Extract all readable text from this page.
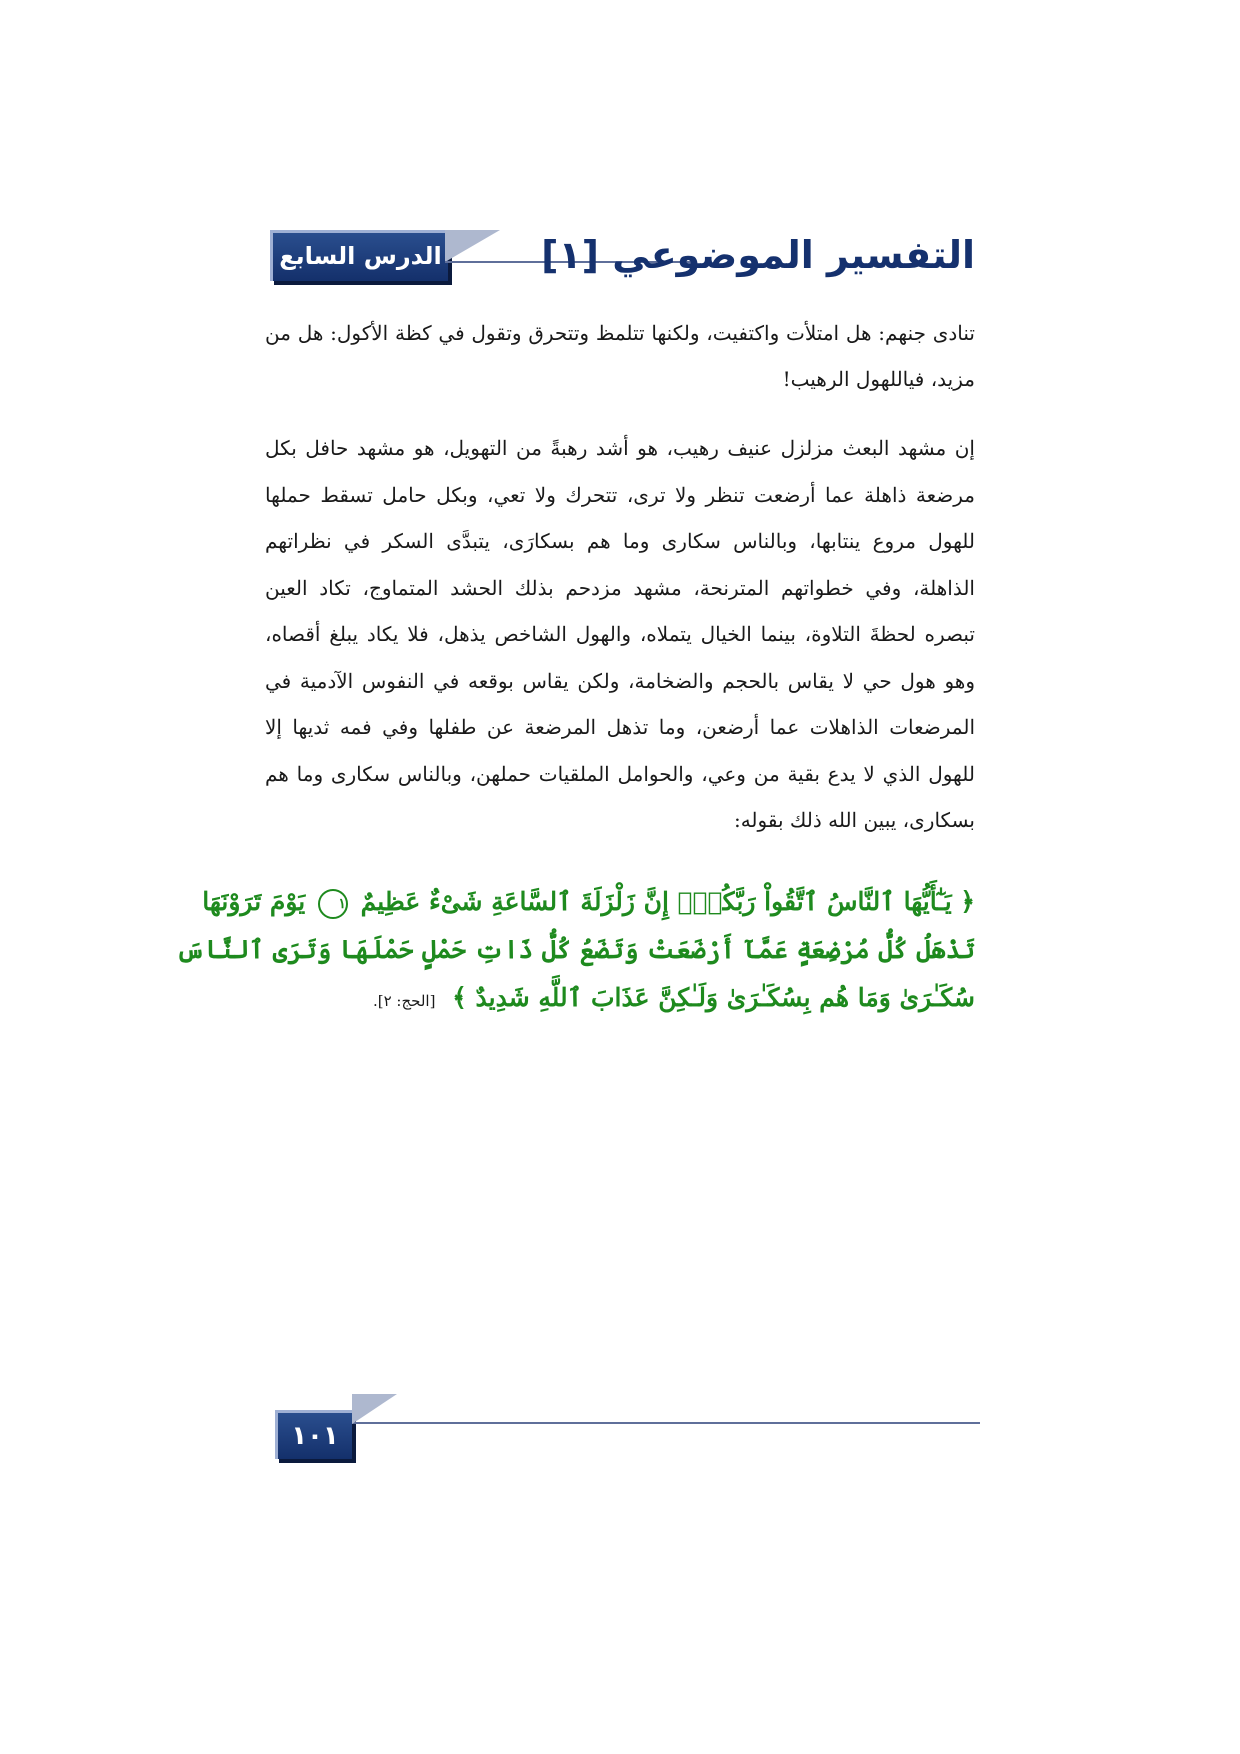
الدرس السابع	التفسير الموضوعي [١]
تنادى جنهم: هل امتلأت واكتفيت، ولكنها تتلمظ وتتحرق وتقول في كظة الأكول: هل من مزيد، فياللهول الرهيب!
إن مشهد البعث مزلزل عنيف رهيب، هو أشد رهبةً من التهويل، هو مشهد حافل بكل مرضعة ذاهلة عما أرضعت تنظر ولا ترى، تتحرك ولا تعي، وبكل حامل تسقط حملها للهول مروع ينتابها، وبالناس سكارى وما هم بسكارَى، يتبدَّى السكر في نظراتهم الذاهلة، وفي خطواتهم المترنحة، مشهد مزدحم بذلك الحشد المتماوج، تكاد العين تبصره لحظةَ التلاوة، بينما الخيال يتملاه، والهول الشاخص يذهل، فلا يكاد يبلغ أقصاه، وهو هول حي لا يقاس بالحجم والضخامة، ولكن يقاس بوقعه في النفوس الآدمية في المرضعات الذاهلات عما أرضعن، وما تذهل المرضعة عن طفلها وفي فمه ثديها إلا للهول الذي لا يدع بقية من وعي، والحوامل الملقيات حملهن، وبالناس سكارى وما هم بسكارى، يبين الله ذلك بقوله:
﴿ يَـٰٓأَيُّهَا ٱلنَّاسُ ٱتَّقُواْ رَبَّكُمْۚ إِنَّ زَلْزَلَةَ ٱلسَّاعَةِ شَىْءٌ عَظِيمٌ ١ يَوْمَ تَرَوْنَهَا
تَذْهَلُ كُلُّ مُرْضِعَةٍ عَمَّآ أَرْضَعَتْ وَتَضَعُ كُلُّ ذَاتِ حَمْلٍ حَمْلَهَا وَتَرَى ٱلنَّاسَ
سُكَـٰرَىٰ وَمَا هُم بِسُكَـٰرَىٰ وَلَـٰكِنَّ عَذَابَ ٱللَّهِ شَدِيدٌ ﴾ [الحج: ٢].
١٠١
